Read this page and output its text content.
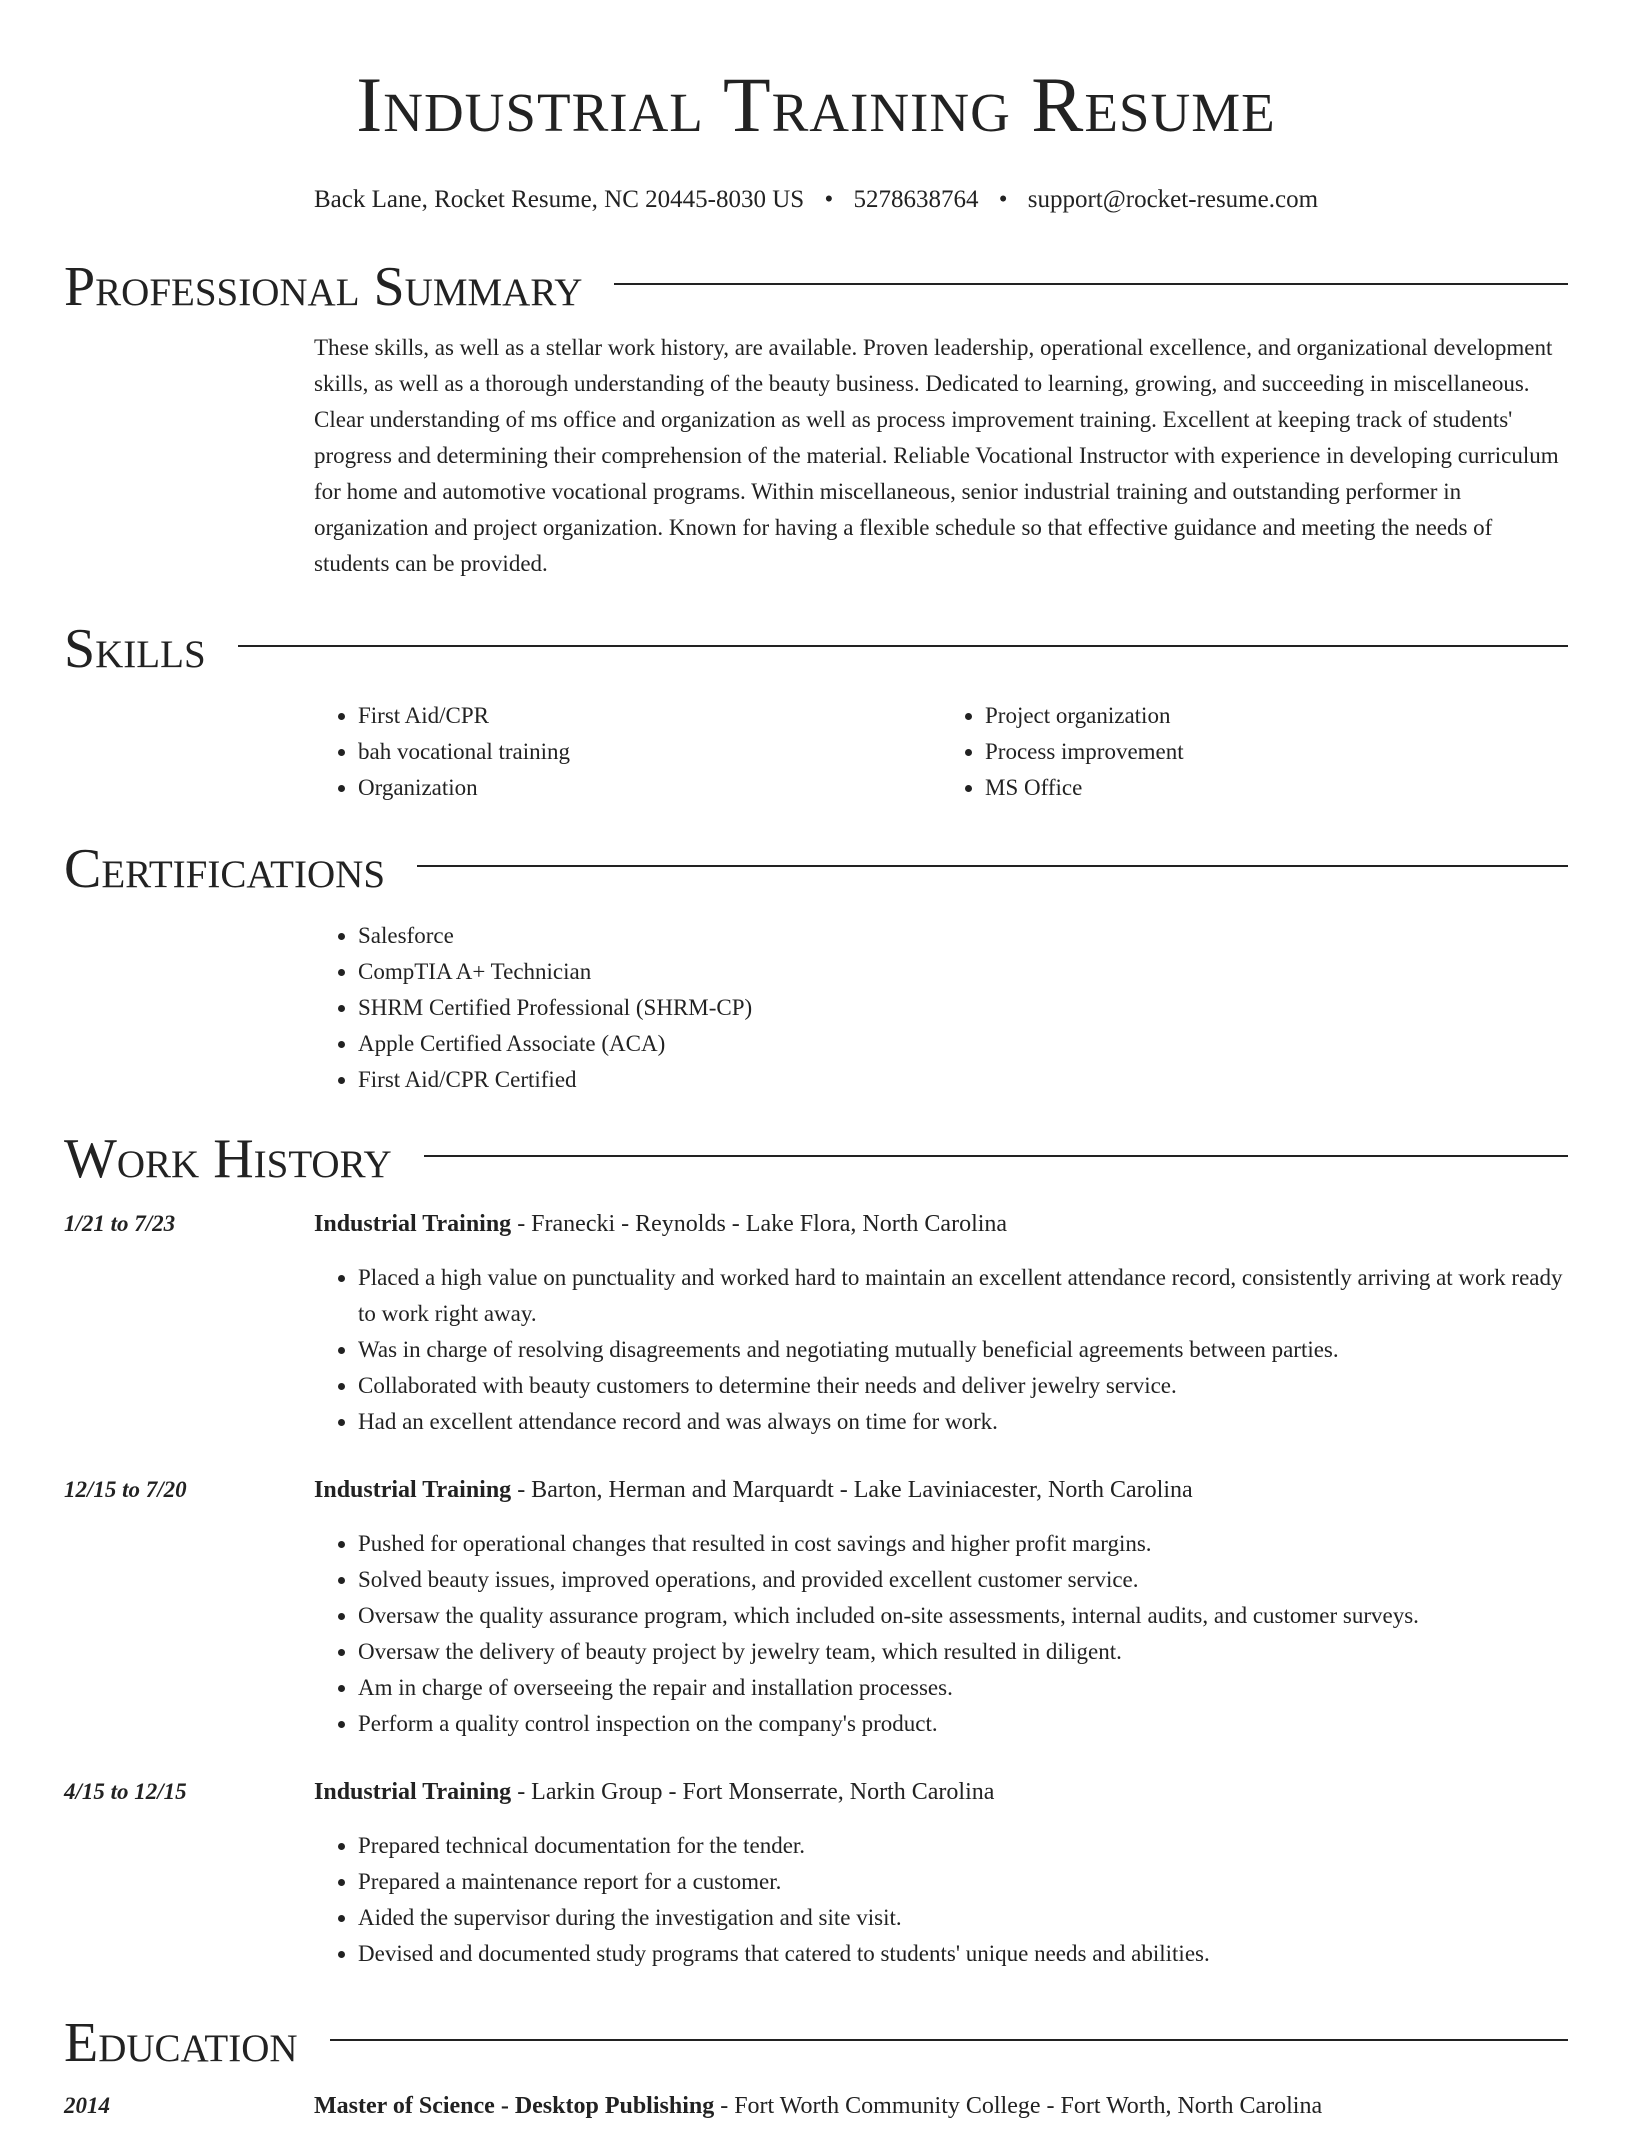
Industrial Training Resume
Back Lane, Rocket Resume, NC 20445-8030 US • 5278638764 • support@rocket-resume.com
Professional Summary

These skills, as well as a stellar work history, are available. Proven leadership, operational excellence, and organizational development skills, as well as a thorough understanding of the beauty business. Dedicated to learning, growing, and succeeding in miscellaneous. Clear understanding of ms office and organization as well as process improvement training. Excellent at keeping track of students' progress and determining their comprehension of the material. Reliable Vocational Instructor with experience in developing curriculum for home and automotive vocational programs. Within miscellaneous, senior industrial training and outstanding performer in organization and project organization. Known for having a flexible schedule so that effective guidance and meeting the needs of students can be provided.

Skills
• First Aid/CPR
• bah vocational training
• Organization
• Project organization
• Process improvement
• MS Office
Certifications
• Salesforce
• CompTIA A+ Technician
• SHRM Certified Professional (SHRM-CP)
• Apple Certified Associate (ACA)
• First Aid/CPR Certified
Work History
1/21 to 7/23	Industrial Training - Franecki - Reynolds - Lake Flora, North Carolina
• Placed a high value on punctuality and worked hard to maintain an excellent attendance record, consistently arriving at work ready to work right away.
• Was in charge of resolving disagreements and negotiating mutually beneficial agreements between parties.
• Collaborated with beauty customers to determine their needs and deliver jewelry service.
• Had an excellent attendance record and was always on time for work.
12/15 to 7/20	Industrial Training - Barton, Herman and Marquardt - Lake Laviniacester, North Carolina
• Pushed for operational changes that resulted in cost savings and higher profit margins.
• Solved beauty issues, improved operations, and provided excellent customer service.
• Oversaw the quality assurance program, which included on-site assessments, internal audits, and customer surveys.
• Oversaw the delivery of beauty project by jewelry team, which resulted in diligent.
• Am in charge of overseeing the repair and installation processes.
• Perform a quality control inspection on the company's product.
4/15 to 12/15	Industrial Training - Larkin Group - Fort Monserrate, North Carolina
• Prepared technical documentation for the tender.
• Prepared a maintenance report for a customer.
• Aided the supervisor during the investigation and site visit.
• Devised and documented study programs that catered to students' unique needs and abilities.
Education
2014	Master of Science - Desktop Publishing - Fort Worth Community College - Fort Worth, North Carolina
